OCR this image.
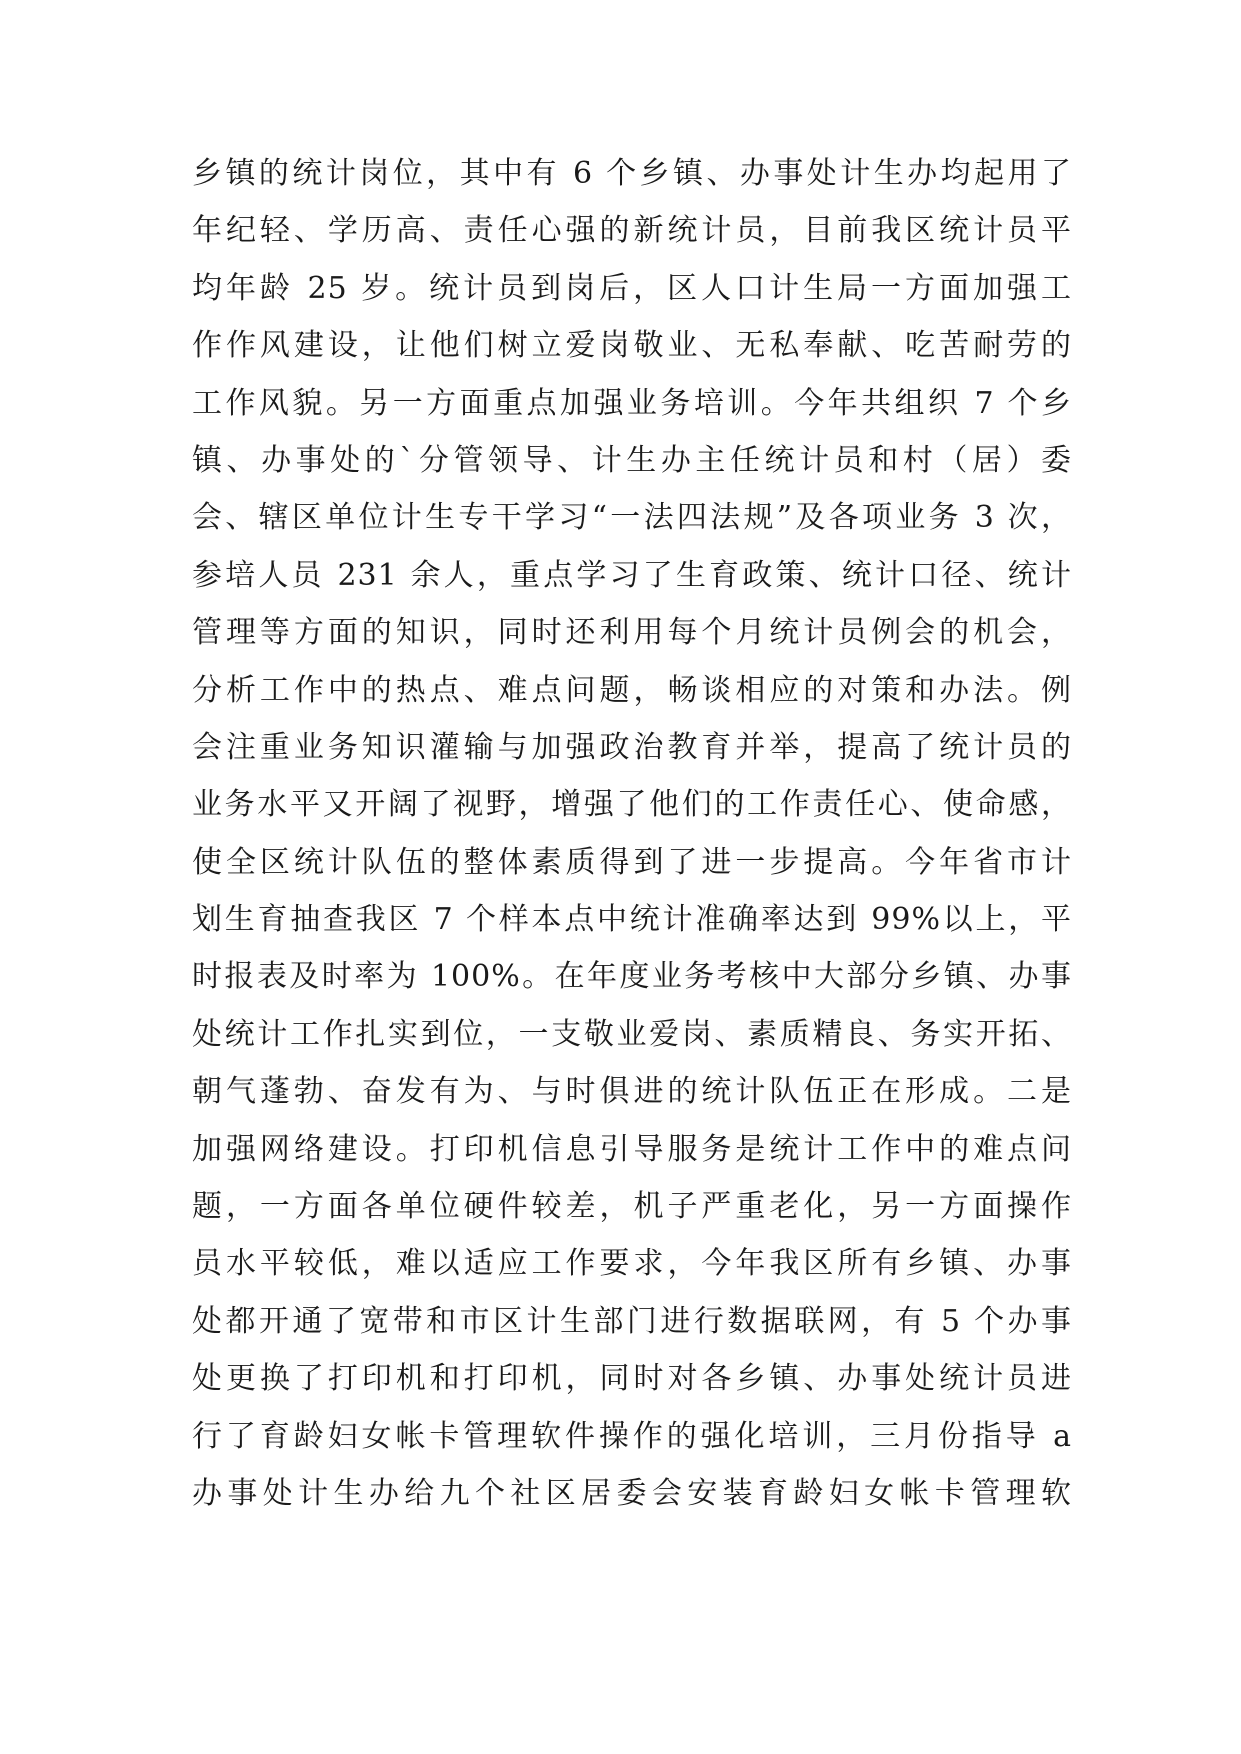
乡镇的统计岗位，其中有 6 个乡镇、办事处计生办均起用了
年纪轻、学历高、责任心强的新统计员，目前我区统计员平
均年龄 25 岁。统计员到岗后，区人口计生局一方面加强工
作作风建设，让他们树立爱岗敬业、无私奉献、吃苦耐劳的
工作风貌。另一方面重点加强业务培训。今年共组织 7 个乡
镇、办事处的`分管领导、计生办主任统计员和村（居）委
会、辖区单位计生专干学习“一法四法规”及各项业务 3 次，
参培人员 231 余人，重点学习了生育政策、统计口径、统计
管理等方面的知识，同时还利用每个月统计员例会的机会，
分析工作中的热点、难点问题，畅谈相应的对策和办法。例
会注重业务知识灌输与加强政治教育并举，提高了统计员的
业务水平又开阔了视野，增强了他们的工作责任心、使命感，
使全区统计队伍的整体素质得到了进一步提高。今年省市计
划生育抽查我区 7 个样本点中统计准确率达到 99%以上，平
时报表及时率为 100%。在年度业务考核中大部分乡镇、办事
处统计工作扎实到位，一支敬业爱岗、素质精良、务实开拓、
朝气蓬勃、奋发有为、与时俱进的统计队伍正在形成。二是
加强网络建设。打印机信息引导服务是统计工作中的难点问
题，一方面各单位硬件较差，机子严重老化，另一方面操作
员水平较低，难以适应工作要求，今年我区所有乡镇、办事
处都开通了宽带和市区计生部门进行数据联网，有 5 个办事
处更换了打印机和打印机，同时对各乡镇、办事处统计员进
行了育龄妇女帐卡管理软件操作的强化培训，三月份指导 a
办事处计生办给九个社区居委会安装育龄妇女帐卡管理软
